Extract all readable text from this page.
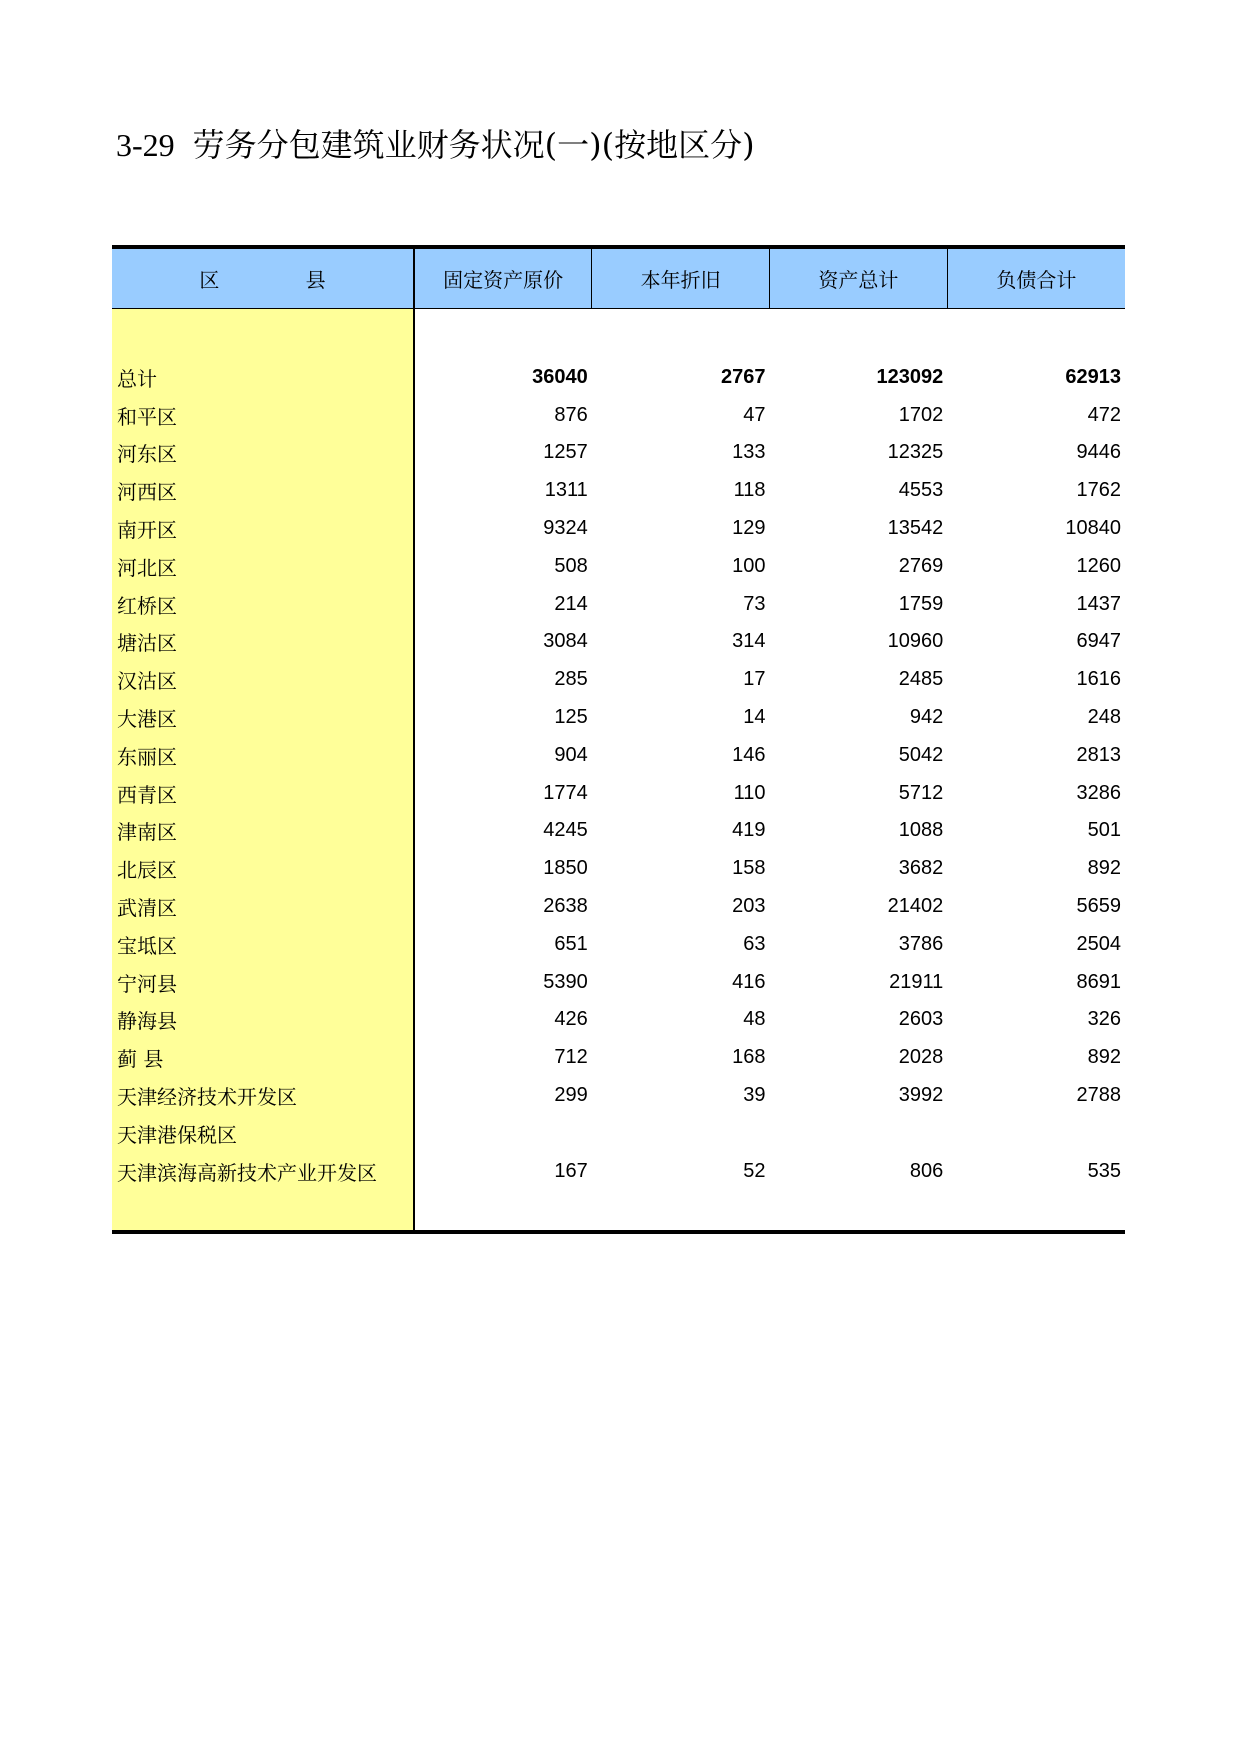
3-29 劳务分包建筑业财务状况(一)(按地区分)
区 县	固定资产原价	本年折旧	资产总计	负债合计

总计	36040	2767	123092	62913
和平区	876	47	1702	472
河东区	1257	133	12325	9446
河西区	1311	118	4553	1762
南开区	9324	129	13542	10840
河北区	508	100	2769	1260
红桥区	214	73	1759	1437
塘沽区	3084	314	10960	6947
汉沽区	285	17	2485	1616
大港区	125	14	942	248
东丽区	904	146	5042	2813
西青区	1774	110	5712	3286
津南区	4245	419	1088	501
北辰区	1850	158	3682	892
武清区	2638	203	21402	5659
宝坻区	651	63	3786	2504
宁河县	5390	416	21911	8691
静海县	426	48	2603	326
蓟 县	712	168	2028	892
天津经济技术开发区	299	39	3992	2788
天津港保税区				
天津滨海高新技术产业开发区	167	52	806	535
